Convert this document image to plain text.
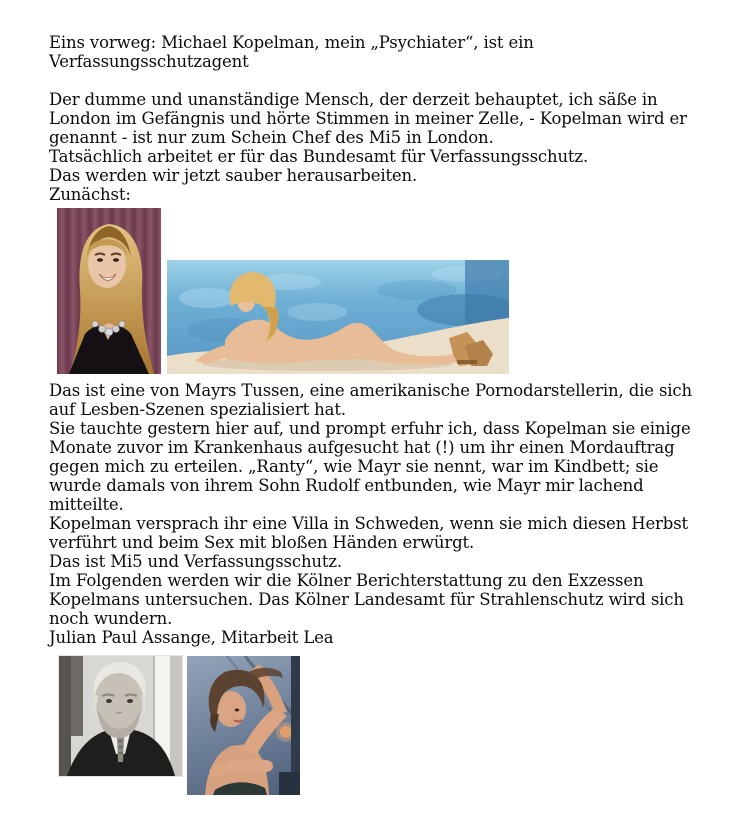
Eins vorweg: Michael Kopelman, mein „Psychiater“, ist ein
Verfassungsschutzagent
Der dumme und unanständige Mensch, der derzeit behauptet, ich säße in
London im Gefängnis und hörte Stimmen in meiner Zelle, - Kopelman wird er
genannt - ist nur zum Schein Chef des Mi5 in London.
Tatsächlich arbeitet er für das Bundesamt für Verfassungsschutz.
Das werden wir jetzt sauber herausarbeiten.
Zunächst:
Das ist eine von Mayrs Tussen, eine amerikanische Pornodarstellerin, die sich
auf Lesben-Szenen spezialisiert hat.
Sie tauchte gestern hier auf, und prompt erfuhr ich, dass Kopelman sie einige
Monate zuvor im Krankenhaus aufgesucht hat (!) um ihr einen Mordauftrag
gegen mich zu erteilen. „Ranty“, wie Mayr sie nennt, war im Kindbett; sie
wurde damals von ihrem Sohn Rudolf entbunden, wie Mayr mir lachend
mitteilte.
Kopelman versprach ihr eine Villa in Schweden, wenn sie mich diesen Herbst
verführt und beim Sex mit bloßen Händen erwürgt.
Das ist Mi5 und Verfassungsschutz.
Im Folgenden werden wir die Kölner Berichterstattung zu den Exzessen
Kopelmans untersuchen. Das Kölner Landesamt für Strahlenschutz wird sich
noch wundern.
Julian Paul Assange, Mitarbeit Lea
